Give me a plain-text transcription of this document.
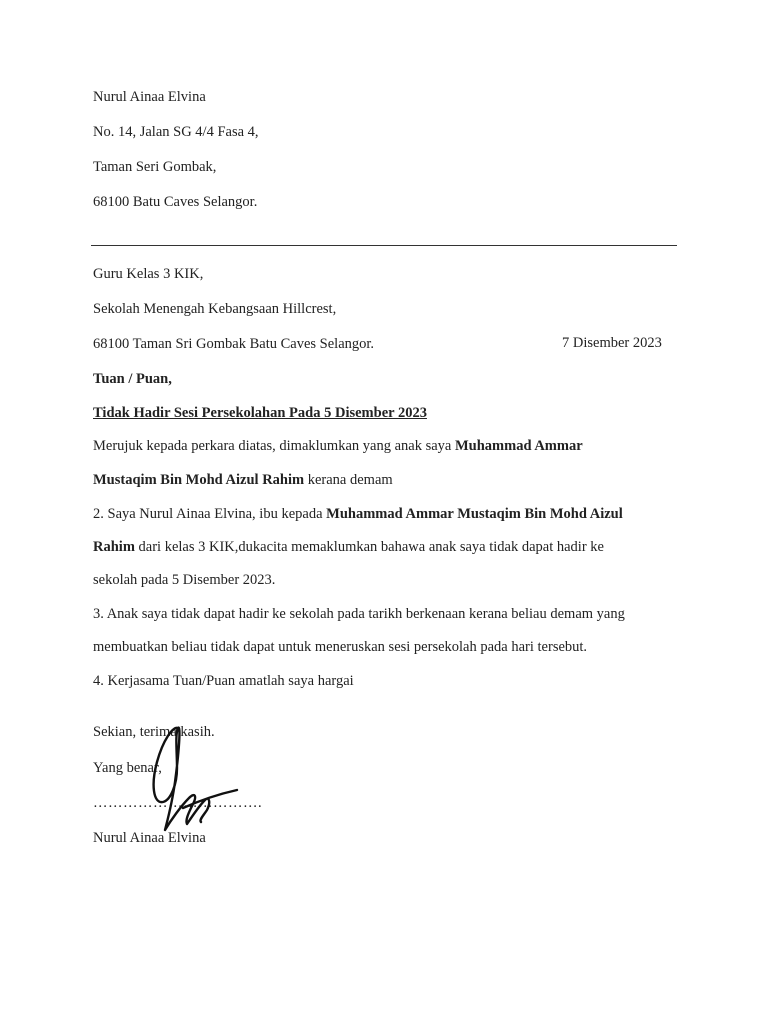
Nurul Ainaa Elvina
No. 14, Jalan SG 4/4 Fasa 4,
Taman Seri Gombak,
68100 Batu Caves Selangor.
Guru Kelas 3 KIK,
Sekolah Menengah Kebangsaan Hillcrest,
68100 Taman Sri Gombak Batu Caves Selangor.	7 Disember 2023
Tuan / Puan,
Tidak Hadir Sesi Persekolahan Pada 5 Disember 2023
Merujuk kepada perkara diatas, dimaklumkan yang anak saya Muhammad Ammar
Mustaqim Bin Mohd Aizul Rahim kerana demam
2. Saya Nurul Ainaa Elvina, ibu kepada Muhammad Ammar Mustaqim Bin Mohd Aizul
Rahim dari kelas 3 KIK,dukacita memaklumkan bahawa anak saya tidak dapat hadir ke
sekolah pada 5 Disember 2023.
3. Anak saya tidak dapat hadir ke sekolah pada tarikh berkenaan kerana beliau demam yang
membuatkan beliau tidak dapat untuk meneruskan sesi persekolah pada hari tersebut.
4. Kerjasama Tuan/Puan amatlah saya hargai
Sekian, terima kasih.
Yang benar,
…………………………….
Nurul Ainaa Elvina
